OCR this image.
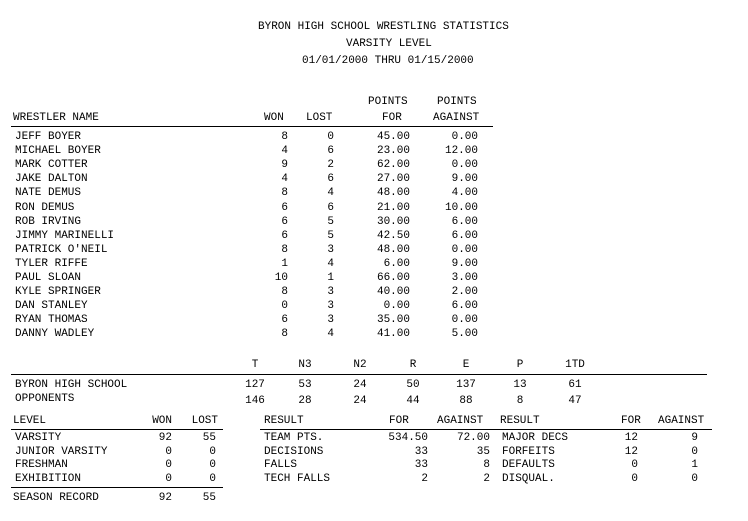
BYRON HIGH SCHOOL WRESTLING STATISTICS
VARSITY LEVEL
01/01/2000 THRU 01/15/2000
POINTS	POINTS
WRESTLER NAME	WON LOST	FOR	AGAINST
JEFF BOYER	8	0	45.00	0.00
MICHAEL BOYER	4	6	23.00	12.00
MARK COTTER	9	2	62.00	0.00
JAKE DALTON	4	6	27.00	9.00
NATE DEMUS	8	4	48.00	4.00
RON DEMUS	6	6	21.00	10.00
ROB IRVING	6	5	30.00	6.00
JIMMY MARINELLI	6	5	42.50	6.00
PATRICK O'NEIL	8	3	48.00	0.00
TYLER RIFFE	1	4	6.00	9.00
PAUL SLOAN	10	1	66.00	3.00
KYLE SPRINGER	8	3	40.00	2.00
DAN STANLEY	0	3	0.00	6.00
RYAN THOMAS	6	3	35.00	0.00
DANNY WADLEY	8	4	41.00	5.00
T	N3	N2	R	E	P	1TD
BYRON HIGH SCHOOL	127	53	24	50	137	13	61
OPPONENTS	146	28	24	44	88	8	47
LEVEL	WON	LOST
VARSITY	92	55
JUNIOR VARSITY	0	0
FRESHMAN	0	0
EXHIBITION	0	0
SEASON RECORD	92	55
RESULT	FOR	AGAINST RESULT	FOR AGAINST
TEAM PTS.	534.50	72.00 MAJOR DECS	12	9
DECISIONS	33	35 FORFEITS	12	0
FALLS	33	8 DEFAULTS	0	1
TECH FALLS	2	2 DISQUAL.	0	0
